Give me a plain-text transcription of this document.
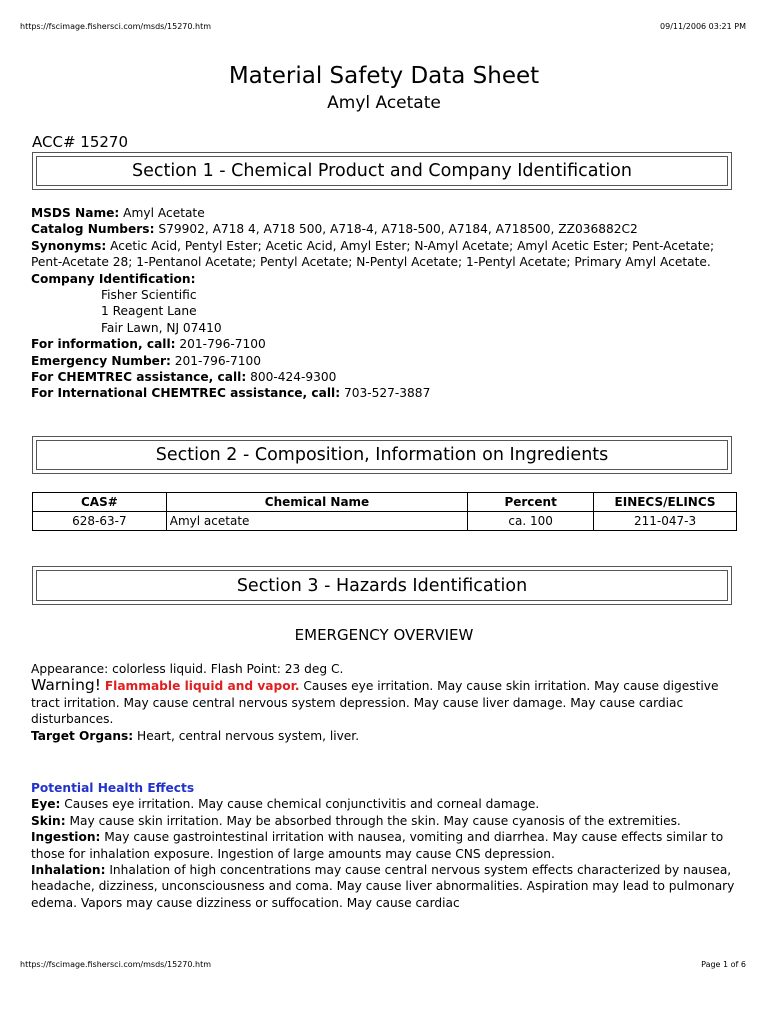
https://fscimage.fishersci.com/msds/15270.htm	09/11/2006 03:21 PM
Material Safety Data Sheet
Amyl Acetate
ACC# 15270
Section 1 - Chemical Product and Company Identification
MSDS Name: Amyl Acetate
Catalog Numbers: S79902, A718 4, A718 500, A718-4, A718-500, A7184, A718500, ZZ036882C2
Synonyms: Acetic Acid, Pentyl Ester; Acetic Acid, Amyl Ester; N-Amyl Acetate; Amyl Acetic Ester; Pent-Acetate; Pent-Acetate 28; 1-Pentanol Acetate; Pentyl Acetate; N-Pentyl Acetate; 1-Pentyl Acetate; Primary Amyl Acetate.
Company Identification:
Fisher Scientific
1 Reagent Lane
Fair Lawn, NJ 07410
For information, call: 201-796-7100
Emergency Number: 201-796-7100
For CHEMTREC assistance, call: 800-424-9300
For International CHEMTREC assistance, call: 703-527-3887
Section 2 - Composition, Information on Ingredients
CAS#	Chemical Name	Percent	EINECS/ELINCS
628-63-7	Amyl acetate	ca. 100	211-047-3
Section 3 - Hazards Identification
EMERGENCY OVERVIEW
Appearance: colorless liquid. Flash Point: 23 deg C.
Warning! Flammable liquid and vapor. Causes eye irritation. May cause skin irritation. May cause digestive tract irritation. May cause central nervous system depression. May cause liver damage. May cause cardiac disturbances.
Target Organs: Heart, central nervous system, liver.
Potential Health Effects
Eye: Causes eye irritation. May cause chemical conjunctivitis and corneal damage.
Skin: May cause skin irritation. May be absorbed through the skin. May cause cyanosis of the extremities.
Ingestion: May cause gastrointestinal irritation with nausea, vomiting and diarrhea. May cause effects similar to those for inhalation exposure. Ingestion of large amounts may cause CNS depression.
Inhalation: Inhalation of high concentrations may cause central nervous system effects characterized by nausea, headache, dizziness, unconsciousness and coma. May cause liver abnormalities. Aspiration may lead to pulmonary edema. Vapors may cause dizziness or suffocation. May cause cardiac
https://fscimage.fishersci.com/msds/15270.htm	Page 1 of 6
